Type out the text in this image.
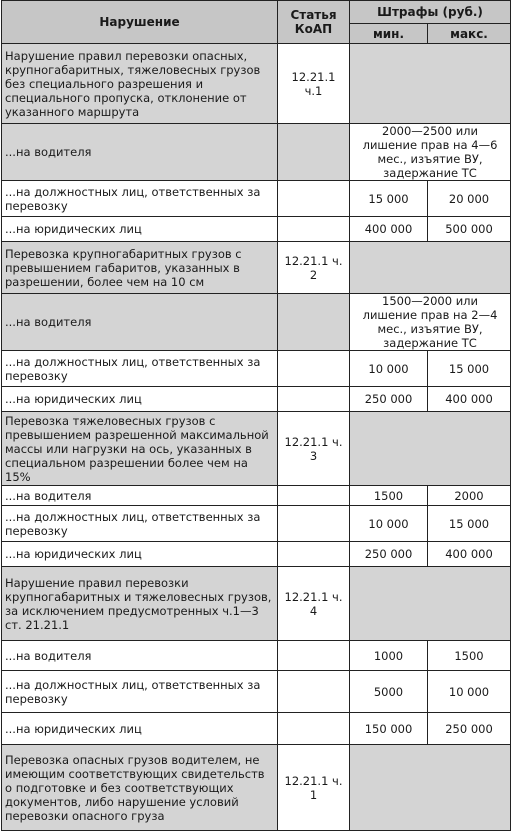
Нарушение	Статья КоАП	Штрафы (руб.)	
		мин.	макс.
Нарушение правил перевозки опасных, крупногабаритных, тяжеловесных грузов без специального разрешения и специального пропуска, отклонение от указанного маршрута	12.21.1 ч.1		
...на водителя		2000—2500 или лишение прав на 4—6 мес., изъятие ВУ, задержание ТС	
...на должностных лиц, ответственных за перевозку		15 000	20 000
...на юридических лиц		400 000	500 000
Перевозка крупногабаритных грузов с превышением габаритов, указанных в разрешении, более чем на 10 см	12.21.1 ч. 2		
...на водителя		1500—2000 или лишение прав на 2—4 мес., изъятие ВУ, задержание ТС	
...на должностных лиц, ответственных за перевозку		10 000	15 000
...на юридических лиц		250 000	400 000
Перевозка тяжеловесных грузов с превышением разрешенной максимальной массы или нагрузки на ось, указанных в специальном разрешении более чем на 15%	12.21.1 ч. 3		
...на водителя		1500	2000
...на должностных лиц, ответственных за перевозку		10 000	15 000
...на юридических лиц		250 000	400 000
Нарушение правил перевозки крупногабаритных и тяжеловесных грузов, за исключением предусмотренных ч.1—3 ст. 21.21.1	12.21.1 ч. 4		
...на водителя		1000	1500
...на должностных лиц, ответственных за перевозку		5000	10 000
...на юридических лиц		150 000	250 000
Перевозка опасных грузов водителем, не имеющим соответствующих свидетельств о подготовке и без соответствующих документов, либо нарушение условий перевозки опасного груза	12.21.1 ч. 1		
